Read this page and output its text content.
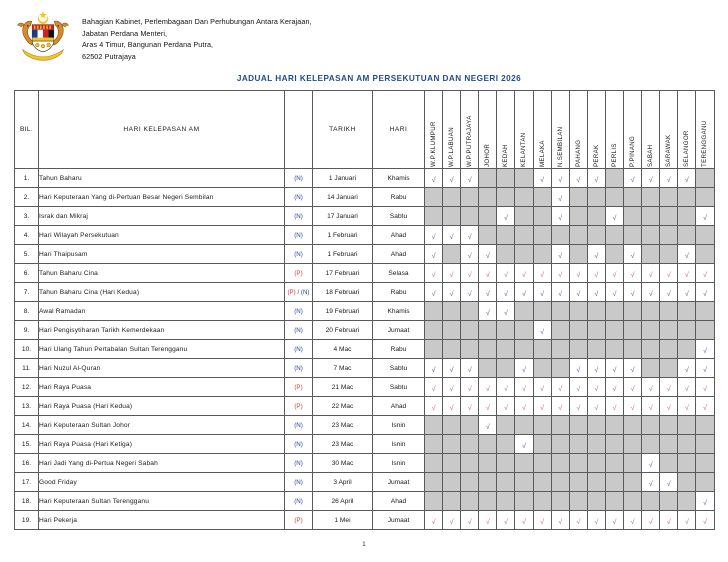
Bahagian Kabinet, Perlembagaan Dan Perhubungan Antara Kerajaan,
Jabatan Perdana Menteri,
Aras 4 Timur, Bangunan Perdana Putra,
62502 Putrajaya
JADUAL HARI KELEPASAN AM PERSEKUTUAN DAN NEGERI 2026
BIL.	HARI KELEPASAN AM		TARIKH	HARI	W.P.KLUMPUR	W.P.LABUAN	W.P.PUTRAJAYA	JOHOR	KEDAH	KELANTAN	MELAKA	N.SEMBILAN	PAHANG	PERAK	PERLIS	P.PINANG	SABAH	SARAWAK	SELANGOR	TERENGGANU

1.	Tahun Baharu	(N)	1 Januari	Khamis	√	√	√				√	√	√	√		√	√	√	√	
2.	Hari Keputeraan Yang di-Pertuan Besar Negeri Sembilan	(N)	14 Januari	Rabu								√								
3.	Israk dan Mikraj	(N)	17 Januari	Sabtu					√			√			√					√
4.	Hari Wilayah Persekutuan	(N)	1 Februari	Ahad	√	√	√													
5.	Hari Thaipusam	(N)	1 Februari	Ahad	√		√	√				√		√		√			√	
6.	Tahun Baharu Cina	(P)	17 Februari	Selasa	√	√	√	√	√	√	√	√	√	√	√	√	√	√	√	√
7.	Tahun Baharu Cina (Hari Kedua)	(P) / (N)	18 Februari	Rabu	√	√	√	√	√	√	√	√	√	√	√	√	√	√	√	√
8.	Awal Ramadan	(N)	19 Februari	Khamis				√	√											
9.	Hari Pengisytiharan Tarikh Kemerdekaan	(N)	20 Februari	Jumaat							√									
10.	Hari Ulang Tahun Pertabalan Sultan Terengganu	(N)	4 Mac	Rabu																√
11.	Hari Nuzul Al-Quran	(N)	7 Mac	Sabtu	√	√	√			√			√	√	√	√			√	√
12.	Hari Raya Puasa	(P)	21 Mac	Sabtu	√	√	√	√	√	√	√	√	√	√	√	√	√	√	√	√
13.	Hari Raya Puasa (Hari Kedua)	(P)	22 Mac	Ahad	√	√	√	√	√	√	√	√	√	√	√	√	√	√	√	√
14.	Hari Keputeraan Sultan Johor	(N)	23 Mac	Isnin				√												
15.	Hari Raya Puasa (Hari Ketiga)	(N)	23 Mac	Isnin						√										
16.	Hari Jadi Yang di-Pertua Negeri Sabah	(N)	30 Mac	Isnin													√			
17.	Good Friday	(N)	3 April	Jumaat													√	√		
18.	Hari Keputeraan Sultan Terengganu	(N)	26 April	Ahad																√
19.	Hari Pekerja	(P)	1 Mei	Jumaat	√	√	√	√	√	√	√	√	√	√	√	√	√	√	√	√
1
